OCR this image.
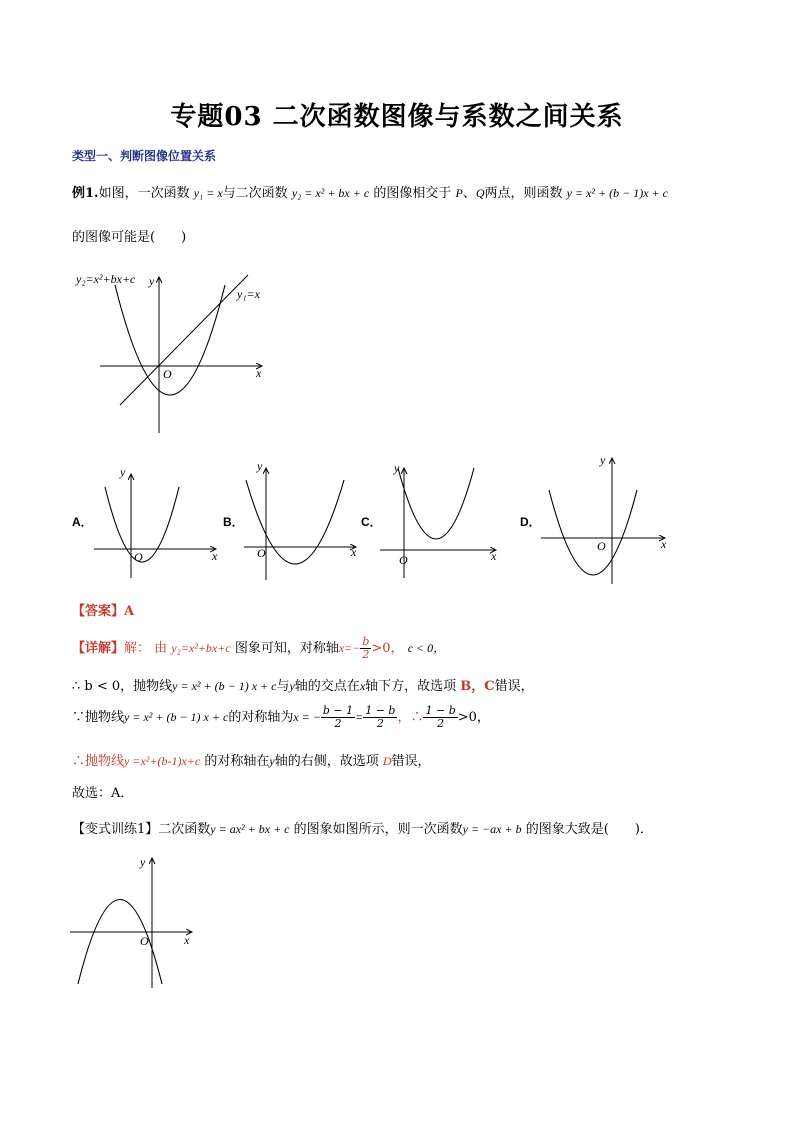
专题03 二次函数图像与系数之间关系
类型一、判断图像位置关系
例1.如图，一次函数 y₁ = x与二次函数 y₂ = x² + bx + c 的图像相交于 P、Q两点，则函数 y = x² + (b − 1)x + c
的图像可能是(　　)
y₂=x²+bx+c y
y₁=x
O	x
A．
y
O	x
B．
y
O	x
C．
y
O	x
D．
y
O	x
【答案】A
【详解】解： 由 y₂=x²+bx+c 图象可知，对称轴$x=- \frac{b}{2} >0$， c < 0，
∴ b < 0，抛物线y = x² + (b − 1) x + c与y轴的交点在x轴下方，故选项 B，C错误，
∵抛物线y = x² + (b − 1) x + c的对称轴为x = − $\frac{b - 1}{2} = \frac{1 - b}{2}$ ，∴ $\frac{1 - b}{2} >0$，
∴抛物线y =x²+(b-1)x+c 的对称轴在y轴的右侧，故选项 D错误，
故选：A．
【变式训练1】二次函数y = ax² + bx + c 的图象如图所示，则一次函数y = −ax + b 的图象大致是(　　)．
y
O	x
